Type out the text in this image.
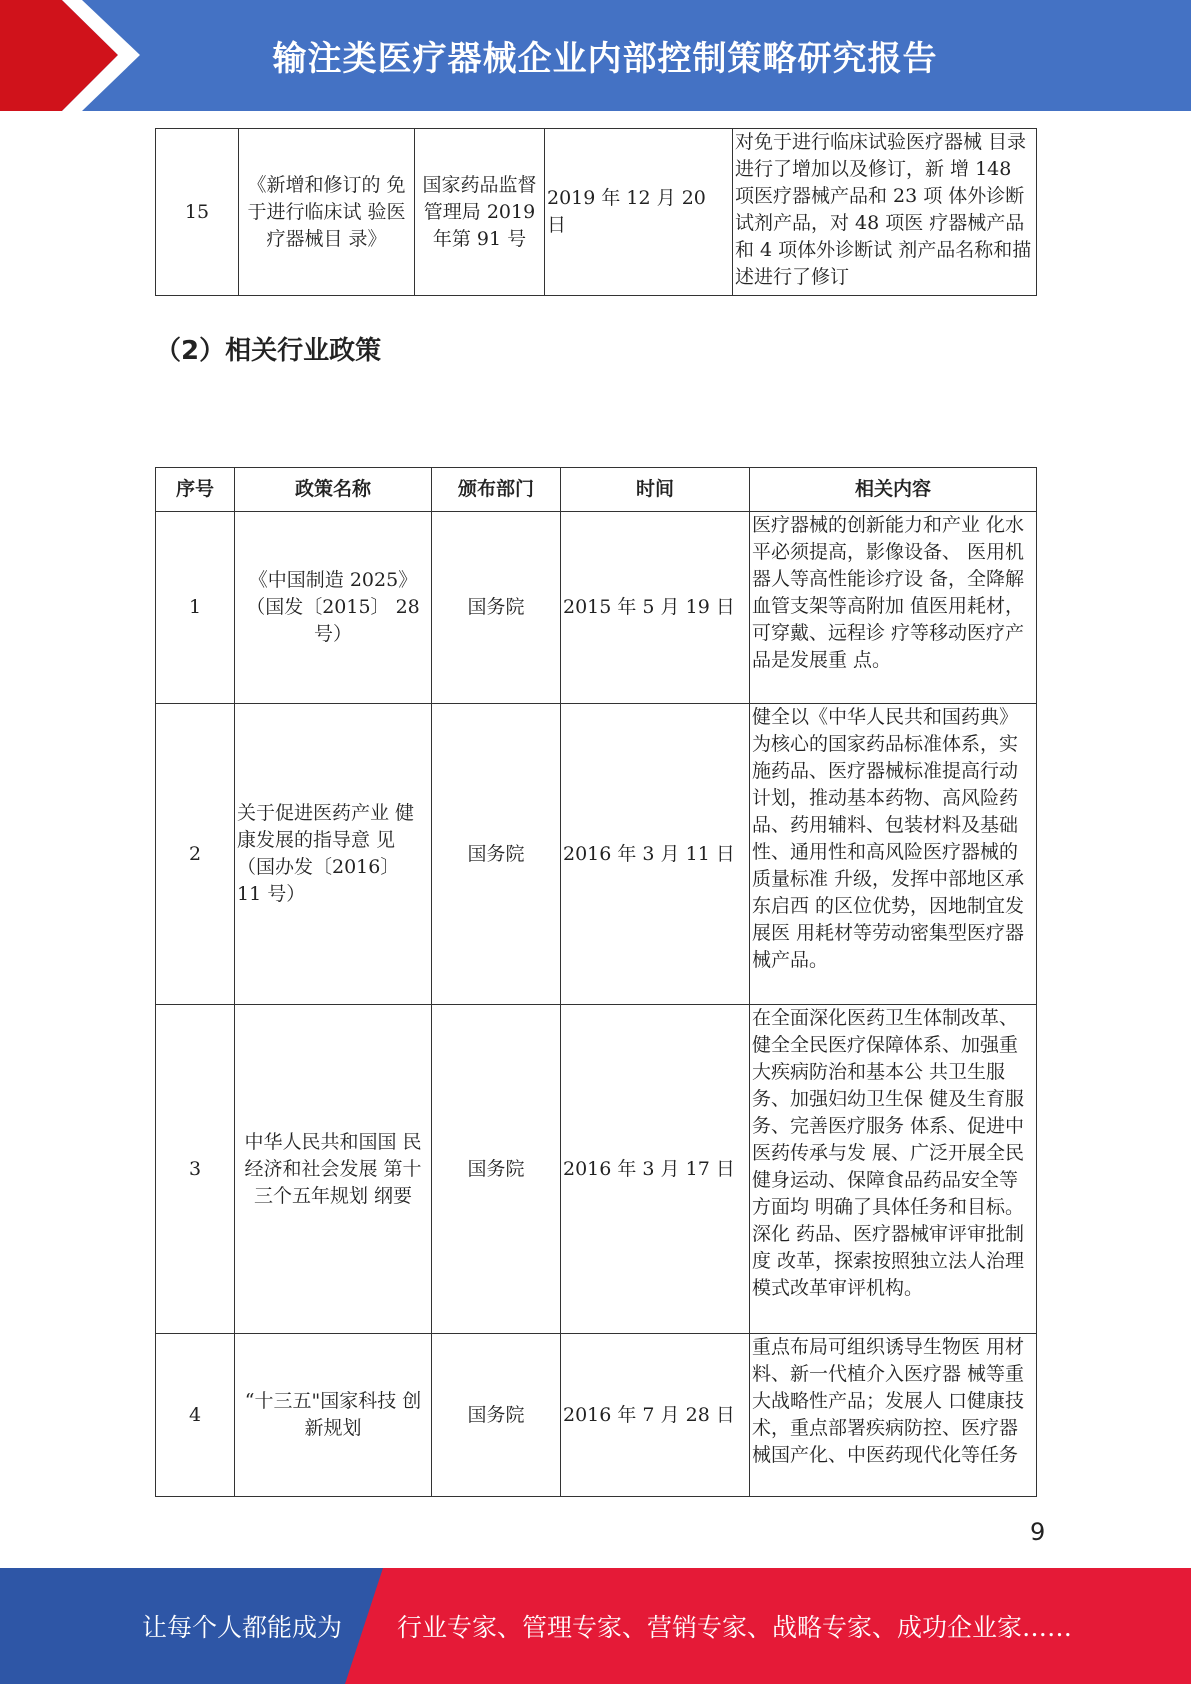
输注类医疗器械企业内部控制策略研究报告
15	《新增和修订的 免于进行临床试 验医疗器械目 录》	国家药品监督管理局 2019 年第 91 号	2019 年 12 月 20 日	对免于进行临床试验医疗器械 目录进行了增加以及修订，新 增 148 项医疗器械产品和 23 项 体外诊断试剂产品，对 48 项医 疗器械产品和 4 项体外诊断试 剂产品名称和描述进行了修订
（2）相关行业政策
序号	政策名称	颁布部门	时间	相关内容
1	《中国制造 2025》（国发〔2015〕 28 号）	国务院	2015 年 5 月 19 日	医疗器械的创新能力和产业 化水平必须提高，影像设备、 医用机器人等高性能诊疗设 备，全降解血管支架等高附加 值医用耗材，可穿戴、远程诊 疗等移动医疗产品是发展重 点。
2	关于促进医药产业 健康发展的指导意 见（国办发〔2016〕 11 号）	国务院	2016 年 3 月 11 日	健全以《中华人民共和国药典》为核心的国家药品标准体系，实施药品、医疗器械标准提高行动计划，推动基本药物、高风险药品、药用辅料、包装材料及基础性、通用性和高风险医疗器械的质量标准 升级，发挥中部地区承东启西 的区位优势，因地制宜发展医 用耗材等劳动密集型医疗器 械产品。
3	中华人民共和国国 民经济和社会发展 第十三个五年规划 纲要	国务院	2016 年 3 月 17 日	在全面深化医药卫生体制改革、健全全民医疗保障体系、加强重大疾病防治和基本公 共卫生服务、加强妇幼卫生保 健及生育服务、完善医疗服务 体系、促进中医药传承与发 展、广泛开展全民健身运动、保障食品药品安全等方面均 明确了具体任务和目标。深化 药品、医疗器械审评审批制度 改革，探索按照独立法人治理 模式改革审评机构。
4	“十三五"国家科技 创新规划	国务院	2016 年 7 月 28 日	重点布局可组织诱导生物医 用材料、新一代植介入医疗器 械等重大战略性产品；发展人 口健康技术，重点部署疾病防控、医疗器械国产化、中医药现代化等任务
9
让每个人都能成为 行业专家、管理专家、营销专家、战略专家、成功企业家……
